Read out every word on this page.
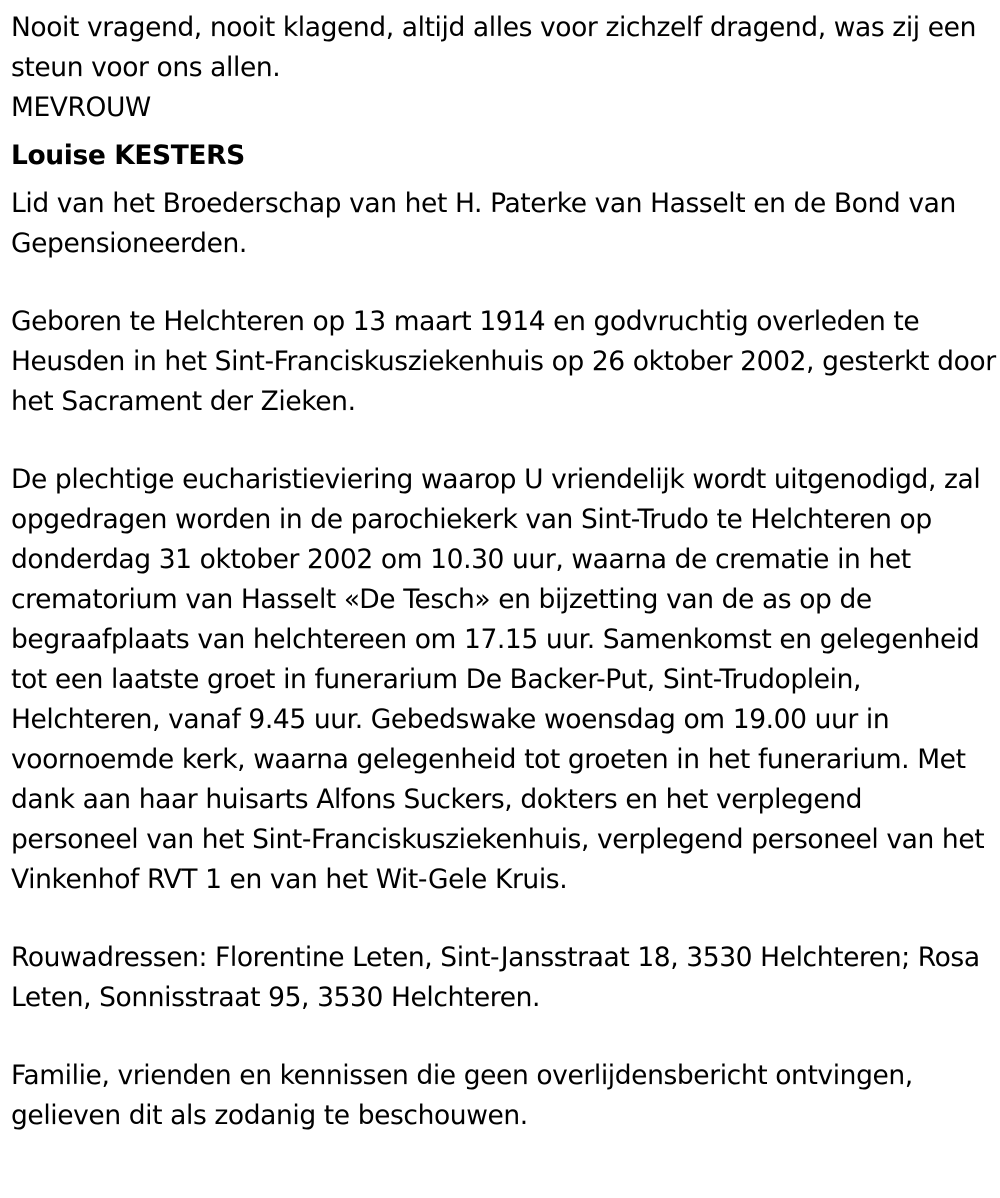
Nooit vragend, nooit klagend, altijd alles voor zichzelf dragend, was zij een steun voor ons allen.

MEVROUW

Louise KESTERS

Lid van het Broederschap van het H. Paterke van Hasselt en de Bond van Gepensioneerden.

Geboren te Helchteren op 13 maart 1914 en godvruchtig overleden te Heusden in het Sint-Franciskusziekenhuis op 26 oktober 2002, gesterkt door het Sacrament der Zieken.

De plechtige eucharistieviering waarop U vriendelijk wordt uitgenodigd, zal opgedragen worden in de parochiekerk van Sint-Trudo te Helchteren op donderdag 31 oktober 2002 om 10.30 uur, waarna de crematie in het crematorium van Hasselt «De Tesch» en bijzetting van de as op de begraafplaats van helchtereen om 17.15 uur. Samenkomst en gelegenheid tot een laatste groet in funerarium De Backer-Put, Sint-Trudoplein, Helchteren, vanaf 9.45 uur. Gebedswake woensdag om 19.00 uur in voornoemde kerk, waarna gelegenheid tot groeten in het funerarium. Met dank aan haar huisarts Alfons Suckers, dokters en het verplegend personeel van het Sint-Franciskusziekenhuis, verplegend personeel van het Vinkenhof RVT 1 en van het Wit-Gele Kruis.

Rouwadressen: Florentine Leten, Sint-Jansstraat 18, 3530 Helchteren; Rosa Leten, Sonnisstraat 95, 3530 Helchteren.

Familie, vrienden en kennissen die geen overlijdensbericht ontvingen, gelieven dit als zodanig te beschouwen.
